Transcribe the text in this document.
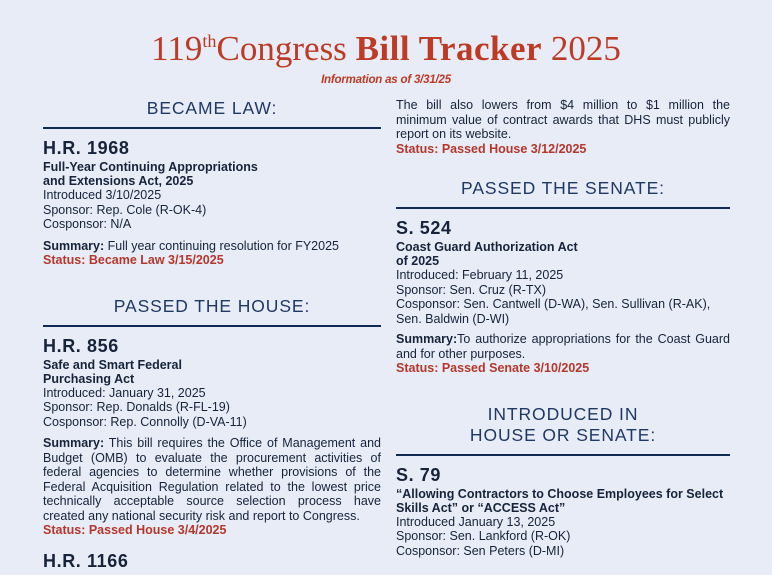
119thCongress Bill Tracker 2025
Information as of 3/31/25
BECAME LAW:
H.R. 1968
Full-Year Continuing Appropriations
and Extensions Act, 2025
Introduced 3/10/2025
Sponsor: Rep. Cole (R-OK-4)
Cosponsor: N/A
Summary: Full year continuing resolution for FY2025
Status: Became Law 3/15/2025
PASSED THE HOUSE:
H.R. 856
Safe and Smart Federal
Purchasing Act
Introduced: January 31, 2025
Sponsor: Rep. Donalds (R-FL-19)
Cosponsor: Rep. Connolly (D-VA-11)
Summary: This bill requires the Office of Management and Budget (OMB) to evaluate the procurement activities of federal agencies to determine whether provisions of the Federal Acquisition Regulation related to the lowest price technically acceptable source selection process have created any national security risk and report to Congress.
Status: Passed House 3/4/2025
H.R. 1166
The bill also lowers from $4 million to $1 million the minimum value of contract awards that DHS must publicly report on its website.
Status: Passed House 3/12/2025
PASSED THE SENATE:
S. 524
Coast Guard Authorization Act
of 2025
Introduced: February 11, 2025
Sponsor: Sen. Cruz (R-TX)
Cosponsor: Sen. Cantwell (D-WA), Sen. Sullivan (R-AK),
Sen. Baldwin (D-WI)
Summary:To authorize appropriations for the Coast Guard and for other purposes.
Status: Passed Senate 3/10/2025
INTRODUCED IN
HOUSE OR SENATE:
S. 79
“Allowing Contractors to Choose Employees for Select
Skills Act” or “ACCESS Act”
Introduced January 13, 2025
Sponsor: Sen. Lankford (R-OK)
Cosponsor: Sen Peters (D-MI)
